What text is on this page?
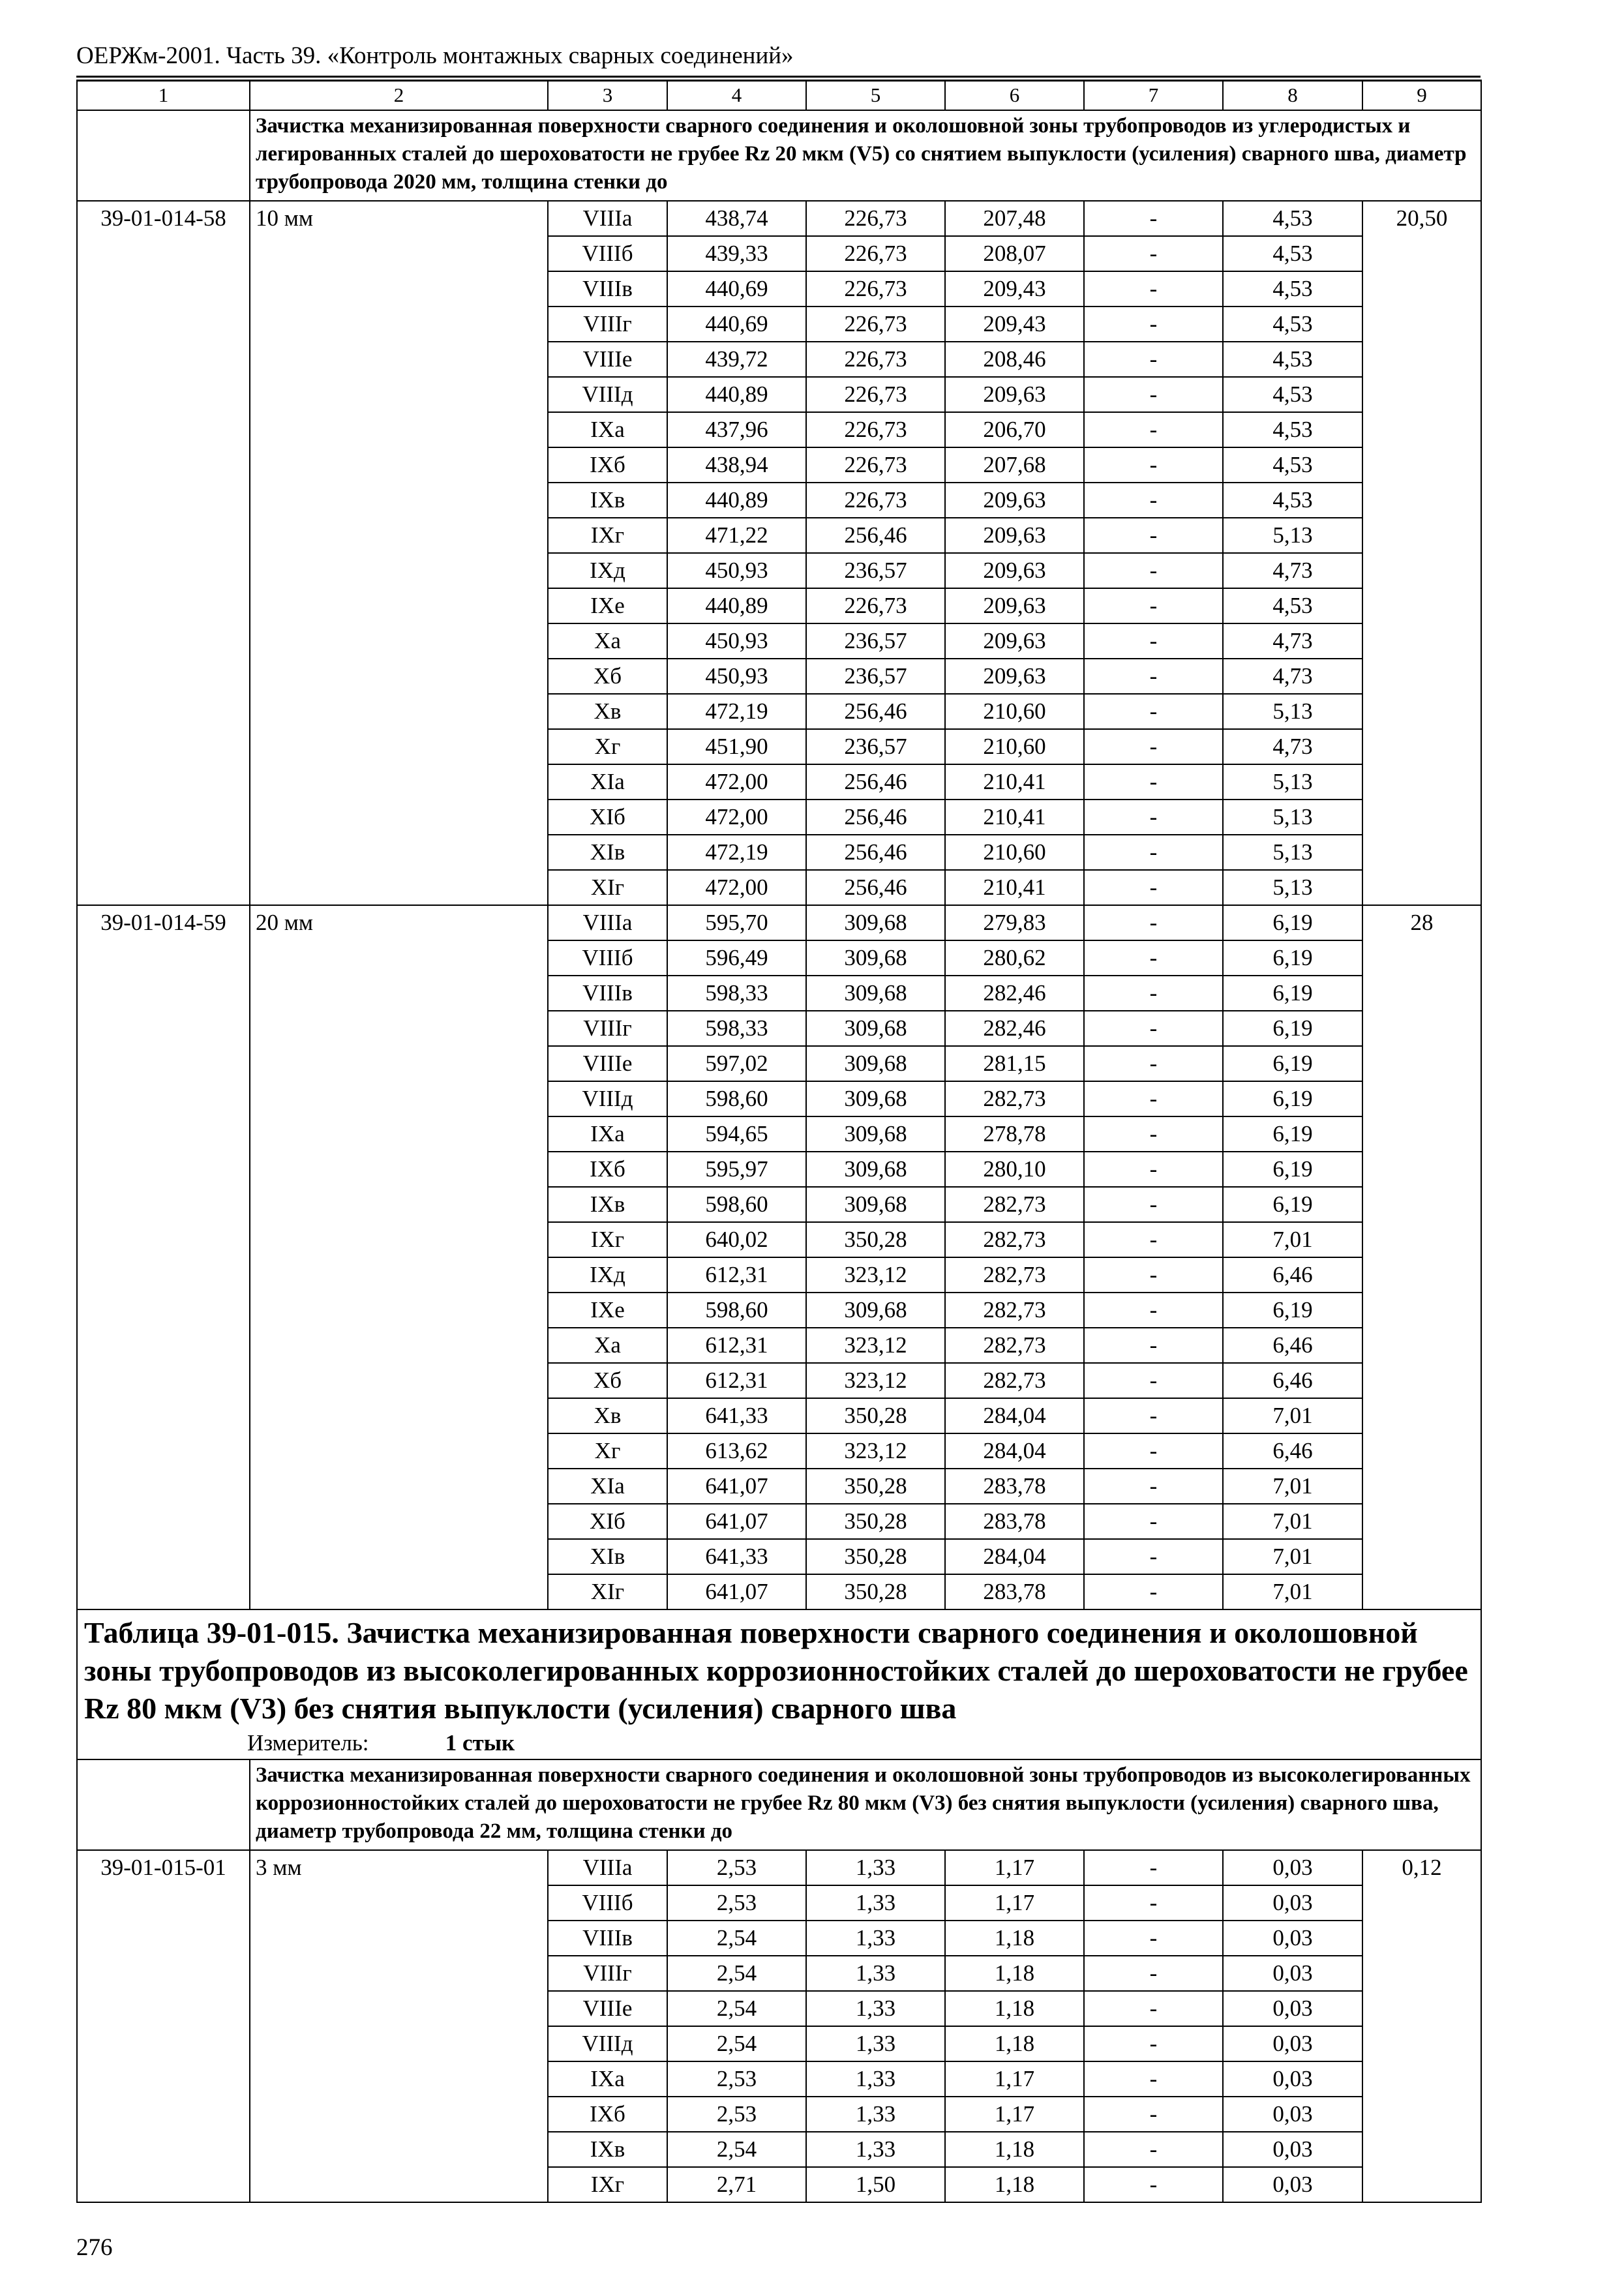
ОЕРЖм-2001. Часть 39. «Контроль монтажных сварных соединений»
1	2	3	4	5	6	7	8	9
	Зачистка механизированная поверхности сварного соединения и околошовной зоны трубопроводов из углеродистых и легированных сталей до шероховатости не грубее Rz 20 мкм (V5) со снятием выпуклости (усиления) сварного шва, диаметр трубопровода 2020 мм, толщина стенки до							
39-01-014-58	10 мм	VIIIа	438,74	226,73	207,48	-	4,53	20,50
		VIIIб	439,33	226,73	208,07	-	4,53	
		VIIIв	440,69	226,73	209,43	-	4,53	
		VIIIг	440,69	226,73	209,43	-	4,53	
		VIIIе	439,72	226,73	208,46	-	4,53	
		VIIIд	440,89	226,73	209,63	-	4,53	
		IXа	437,96	226,73	206,70	-	4,53	
		IXб	438,94	226,73	207,68	-	4,53	
		IXв	440,89	226,73	209,63	-	4,53	
		IXг	471,22	256,46	209,63	-	5,13	
		IXд	450,93	236,57	209,63	-	4,73	
		IXе	440,89	226,73	209,63	-	4,53	
		Xа	450,93	236,57	209,63	-	4,73	
		Xб	450,93	236,57	209,63	-	4,73	
		Xв	472,19	256,46	210,60	-	5,13	
		Xг	451,90	236,57	210,60	-	4,73	
		XIа	472,00	256,46	210,41	-	5,13	
		XIб	472,00	256,46	210,41	-	5,13	
		XIв	472,19	256,46	210,60	-	5,13	
		XIг	472,00	256,46	210,41	-	5,13	
39-01-014-59	20 мм	VIIIа	595,70	309,68	279,83	-	6,19	28
		VIIIб	596,49	309,68	280,62	-	6,19	
		VIIIв	598,33	309,68	282,46	-	6,19	
		VIIIг	598,33	309,68	282,46	-	6,19	
		VIIIе	597,02	309,68	281,15	-	6,19	
		VIIIд	598,60	309,68	282,73	-	6,19	
		IXа	594,65	309,68	278,78	-	6,19	
		IXб	595,97	309,68	280,10	-	6,19	
		IXв	598,60	309,68	282,73	-	6,19	
		IXг	640,02	350,28	282,73	-	7,01	
		IXд	612,31	323,12	282,73	-	6,46	
		IXе	598,60	309,68	282,73	-	6,19	
		Xа	612,31	323,12	282,73	-	6,46	
		Xб	612,31	323,12	282,73	-	6,46	
		Xв	641,33	350,28	284,04	-	7,01	
		Xг	613,62	323,12	284,04	-	6,46	
		XIа	641,07	350,28	283,78	-	7,01	
		XIб	641,07	350,28	283,78	-	7,01	
		XIв	641,33	350,28	284,04	-	7,01	
		XIг	641,07	350,28	283,78	-	7,01	

Таблица 39-01-015. Зачистка механизированная поверхности сварного соединения и околошовной зоны трубопроводов из высоколегированных коррозионностойких сталей до шероховатости не грубее Rz 80 мкм (V3) без снятия выпуклости (усиления) сварного шва
Измеритель: 1 стык								

	Зачистка механизированная поверхности сварного соединения и околошовной зоны трубопроводов из высоколегированных коррозионностойких сталей до шероховатости не грубее Rz 80 мкм (V3) без снятия выпуклости (усиления) сварного шва, диаметр трубопровода 22 мм, толщина стенки до							
39-01-015-01	3 мм	VIIIа	2,53	1,33	1,17	-	0,03	0,12
		VIIIб	2,53	1,33	1,17	-	0,03	
		VIIIв	2,54	1,33	1,18	-	0,03	
		VIIIг	2,54	1,33	1,18	-	0,03	
		VIIIе	2,54	1,33	1,18	-	0,03	
		VIIIд	2,54	1,33	1,18	-	0,03	
		IXа	2,53	1,33	1,17	-	0,03	
		IXб	2,53	1,33	1,17	-	0,03	
		IXв	2,54	1,33	1,18	-	0,03	
		IXг	2,71	1,50	1,18	-	0,03	
276
